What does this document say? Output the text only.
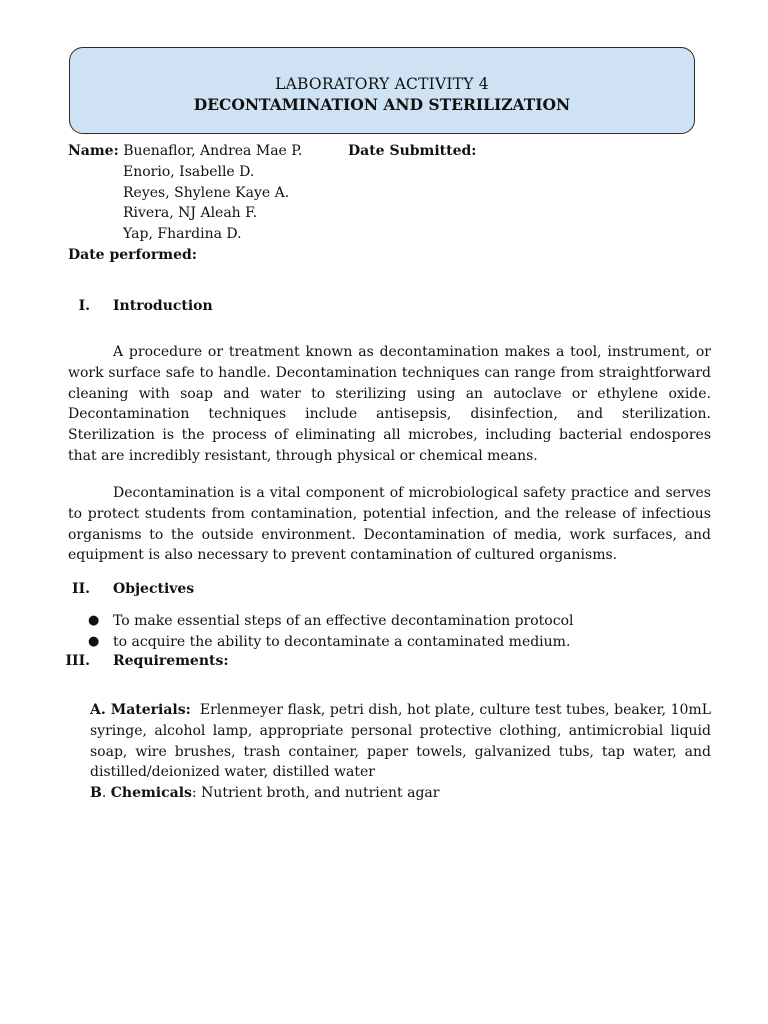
LABORATORY ACTIVITY 4
DECONTAMINATION AND STERILIZATION
Name: Buenaflor, Andrea Mae P.
Enorio, Isabelle D.
Reyes, Shylene Kaye A.
Rivera, NJ Aleah F.
Yap, Fhardina D.
Date Submitted:
Date performed:
I. Introduction
A procedure or treatment known as decontamination makes a tool, instrument, or work surface safe to handle. Decontamination techniques can range from straightforward cleaning with soap and water to sterilizing using an autoclave or ethylene oxide. Decontamination techniques include antisepsis, disinfection, and sterilization. Sterilization is the process of eliminating all microbes, including bacterial endospores that are incredibly resistant, through physical or chemical means.
Decontamination is a vital component of microbiological safety practice and serves to protect students from contamination, potential infection, and the release of infectious organisms to the outside environment. Decontamination of media, work surfaces, and equipment is also necessary to prevent contamination of cultured organisms.
II. Objectives
● To make essential steps of an effective decontamination protocol
● to acquire the ability to decontaminate a contaminated medium.
III. Requirements:
A. Materials: Erlenmeyer flask, petri dish, hot plate, culture test tubes, beaker, 10mL syringe, alcohol lamp, appropriate personal protective clothing, antimicrobial liquid soap, wire brushes, trash container, paper towels, galvanized tubs, tap water, and distilled/deionized water, distilled water
B. Chemicals: Nutrient broth, and nutrient agar
